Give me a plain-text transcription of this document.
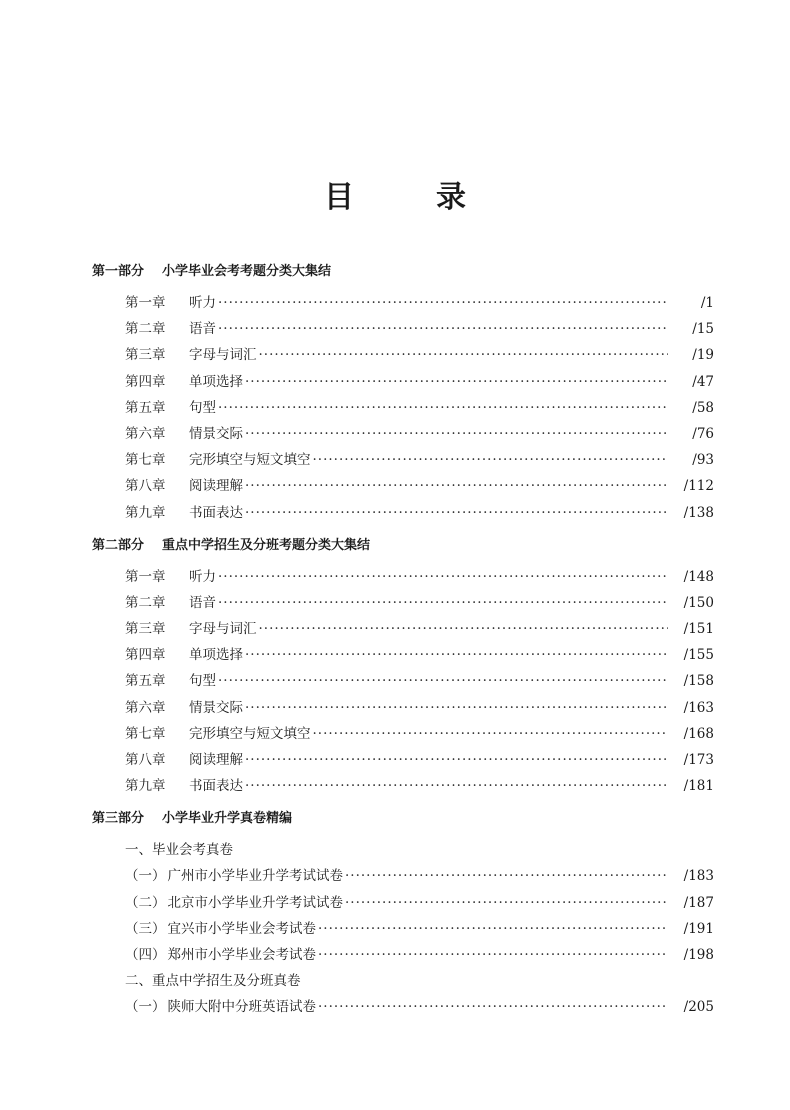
目　录
第一部分 小学毕业会考考题分类大集结
第一章	听力 ·····	/1
第二章	语音 ·····	/15
第三章	字母与词汇 ·····	/19
第四章	单项选择 ·····	/47
第五章	句型 ·····	/58
第六章	情景交际 ·····	/76
第七章	完形填空与短文填空 ·····	/93
第八章	阅读理解 ·····	/112
第九章	书面表达 ·····	/138
第二部分 重点中学招生及分班考题分类大集结
第一章	听力 ·····	/148
第二章	语音 ·····	/150
第三章	字母与词汇 ·····	/151
第四章	单项选择 ·····	/155
第五章	句型 ·····	/158
第六章	情景交际 ·····	/163
第七章	完形填空与短文填空 ·····	/168
第八章	阅读理解 ·····	/173
第九章	书面表达 ·····	/181
第三部分 小学毕业升学真卷精编
一、毕业会考真卷
（一） 广州市小学毕业升学考试试卷 ·····	/183
（二） 北京市小学毕业升学考试试卷 ·····	/187
（三） 宜兴市小学毕业会考试卷 ·····	/191
（四） 郑州市小学毕业会考试卷 ·····	/198
二、重点中学招生及分班真卷
（一） 陕师大附中分班英语试卷 ·····	/205
